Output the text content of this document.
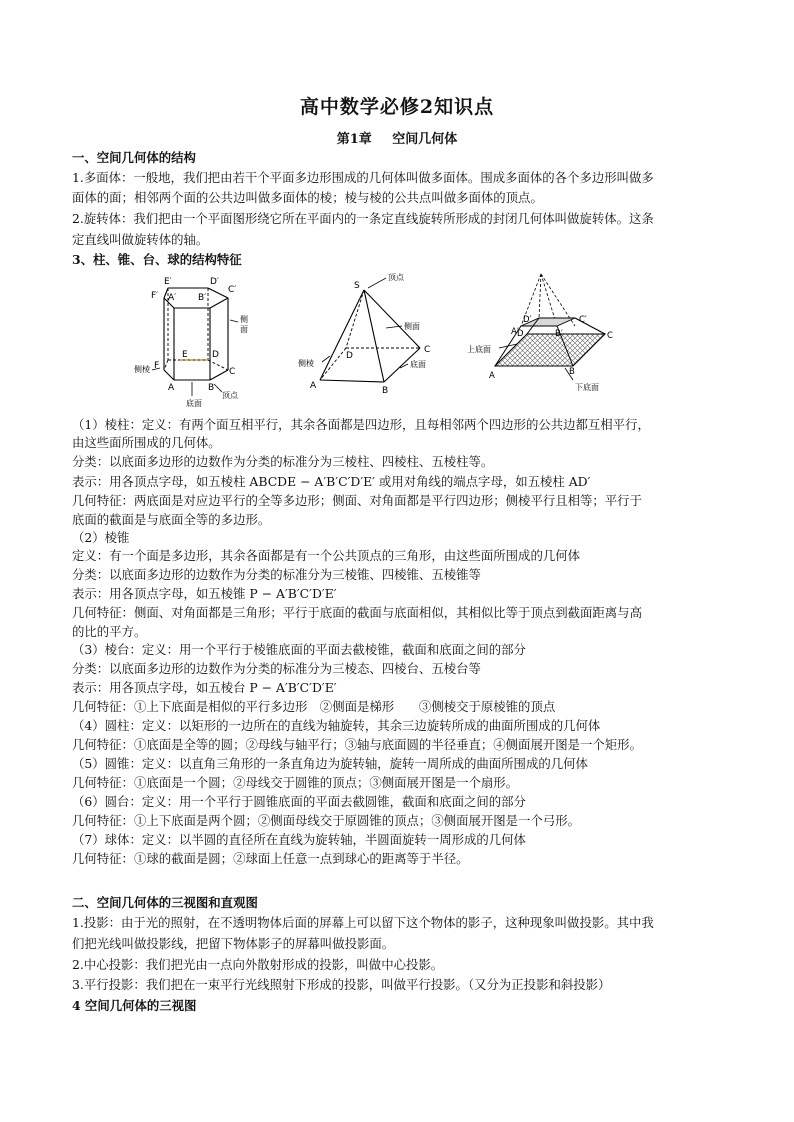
高中数学必修2知识点
第1章 空间几何体
一、空间几何体的结构
1.多面体：一般地，我们把由若干个平面多边形围成的几何体叫做多面体。围成多面体的各个多边形叫做多
面体的面；相邻两个面的公共边叫做多面体的棱；棱与棱的公共点叫做多面体的顶点。
2.旋转体：我们把由一个平面图形绕它所在平面内的一条定直线旋转所形成的封闭几何体叫做旋转体。这条
定直线叫做旋转体的轴。
3、柱、锥、台、球的结构特征
E′	D′
F′ A′ B′
C′
侧
面
E	D
F
侧棱
A	B
C
顶点
底面
顶点
S
侧面
D
C
侧棱	底面
A	B
D′	C′
A′	B′
上底面
D	C
A	B
下底面
（1）棱柱：定义：有两个面互相平行，其余各面都是四边形，且每相邻两个四边形的公共边都互相平行，
由这些面所围成的几何体。
分类：以底面多边形的边数作为分类的标准分为三棱柱、四棱柱、五棱柱等。
表示：用各顶点字母，如五棱柱 ABCDE − A′B′C′D′E′ 或用对角线的端点字母，如五棱柱 AD′
几何特征：两底面是对应边平行的全等多边形；侧面、对角面都是平行四边形；侧棱平行且相等；平行于
底面的截面是与底面全等的多边形。
（2）棱锥
定义：有一个面是多边形，其余各面都是有一个公共顶点的三角形，由这些面所围成的几何体
分类：以底面多边形的边数作为分类的标准分为三棱锥、四棱锥、五棱锥等
表示：用各顶点字母，如五棱锥 P − A′B′C′D′E′
几何特征：侧面、对角面都是三角形；平行于底面的截面与底面相似，其相似比等于顶点到截面距离与高
的比的平方。
（3）棱台：定义：用一个平行于棱锥底面的平面去截棱锥，截面和底面之间的部分
分类：以底面多边形的边数作为分类的标准分为三棱态、四棱台、五棱台等
表示：用各顶点字母，如五棱台 P − A′B′C′D′E′
几何特征：①上下底面是相似的平行多边形　②侧面是梯形　　③侧棱交于原棱锥的顶点
（4）圆柱：定义：以矩形的一边所在的直线为轴旋转，其余三边旋转所成的曲面所围成的几何体
几何特征：①底面是全等的圆；②母线与轴平行；③轴与底面圆的半径垂直；④侧面展开图是一个矩形。
（5）圆锥：定义：以直角三角形的一条直角边为旋转轴，旋转一周所成的曲面所围成的几何体
几何特征：①底面是一个圆；②母线交于圆锥的顶点；③侧面展开图是一个扇形。
（6）圆台：定义：用一个平行于圆锥底面的平面去截圆锥，截面和底面之间的部分
几何特征：①上下底面是两个圆；②侧面母线交于原圆锥的顶点；③侧面展开图是一个弓形。
（7）球体：定义：以半圆的直径所在直线为旋转轴，半圆面旋转一周形成的几何体
几何特征：①球的截面是圆；②球面上任意一点到球心的距离等于半径。
二、空间几何体的三视图和直观图
1.投影：由于光的照射，在不透明物体后面的屏幕上可以留下这个物体的影子，这种现象叫做投影。其中我
们把光线叫做投影线，把留下物体影子的屏幕叫做投影面。
2.中心投影：我们把光由一点向外散射形成的投影，叫做中心投影。
3.平行投影：我们把在一束平行光线照射下形成的投影，叫做平行投影。（又分为正投影和斜投影）
4 空间几何体的三视图
